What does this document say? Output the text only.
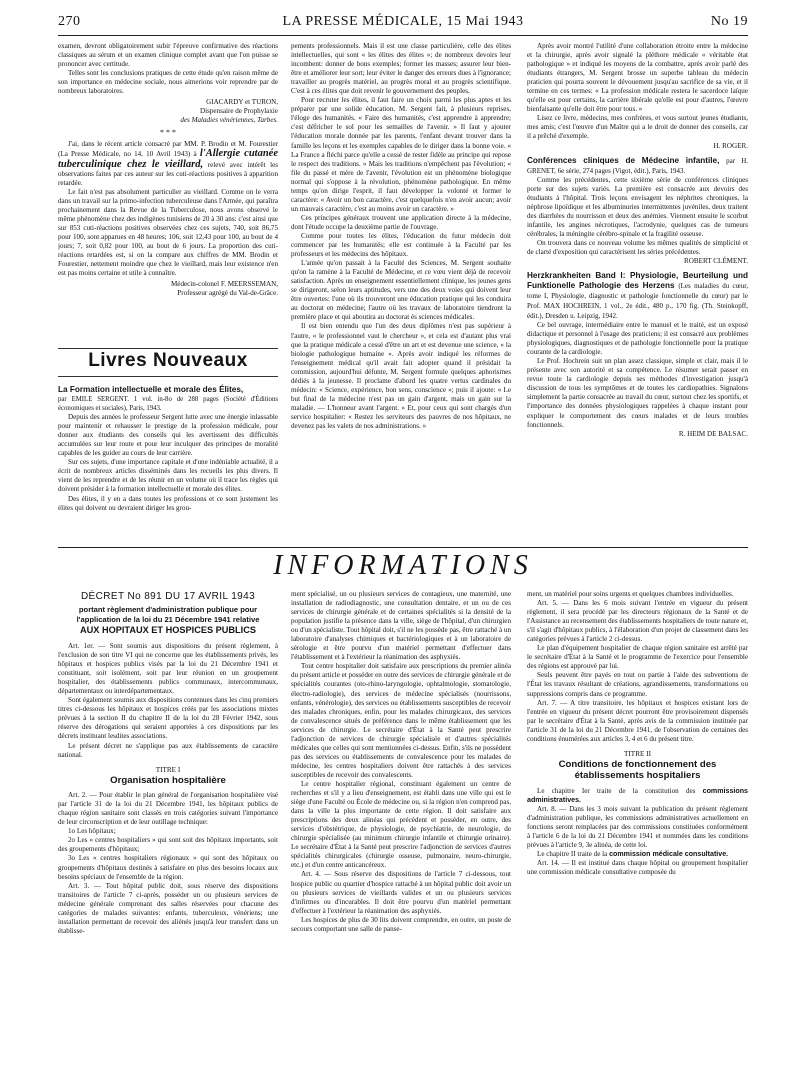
270	LA PRESSE MÉDICALE, 15 Mai 1943	No 19

examen, devront obligatoirement subir l'épreuve confirmative des réactions classiques au sérum et un examen clinique complet avant que l'on puisse se prononcer avec certitude.

Telles sont les conclusions pratiques de cette étude qu'en raison même de son importance en médecine sociale, nous aimerions voir reprendre par de nombreux laboratoires.

GIACARDY et TURON,
Dispensaire de Prophylaxie
des Maladies vénériennes, Tarbes.

* * *

J'ai, dans le récent article consacré par MM. P. Brodin et M. Fourestier (La Presse Médicale, no 14, 10 Avril 1943) à l'Allergie cutanée tuberculinique chez le vieillard, relevé avec intérêt les observations faites par ces auteur sur les cuti-réactions positives à apparition retardée.

Le fait n'est pas absolument particulier au vieillard. Comme on le verra dans un travail sur la primo-infection tuberculeuse dans l'Armée, qui paraîtra prochainement dans la Revue de la Tuberculose, nous avons observé le même phénomène chez des indigènes tunisiens de 20 à 30 ans: c'est ainsi que sur 853 cuti-réactions positives observées chez ces sujets, 740, soit 86,75 pour 100, sont apparues en 48 heures; 106, soit 12,43 pour 100, au bout de 4 jours; 7, soit 0,82 pour 100, au bout de 6 jours. La proportion des cuti-réactions retardées est, si on la compare aux chiffres de MM. Brodin et Fourestier, nettement moindre que chez le vieillard, mais leur existence n'en est pas moins certaine et utile à connaître.

Médecin-colonel F. MEERSSEMAN,
Professeur agrégé du Val-de-Grâce.

Livres Nouveaux

La Formation intellectuelle et morale des Élites,

par EMILE SERGENT. 1 vol. in-8o de 288 pages (Société d'Éditions économiques et sociales), Paris, 1943.

Depuis des années le professeur Sergent lutte avec une énergie inlassable pour maintenir et rehausser le prestige de la profession médicale, pour donner aux étudiants des conseils qui les avertissent des difficultés accumulées sur leur route et pour leur inculquer des principes de moralité capables de les guider au cours de leur carrière.

Sur ces sujets, d'une importance capitale et d'une indéniable actualité, il a écrit de nombreux articles disséminés dans les recueils les plus divers. Il vient de les reprendre et de les réunir en un volume où il trace les règles qui doivent présider à la formation intellectuelle et morale des élites.

Des élites, il y en a dans toutes les professions et ce sont justement les élites qui doivent ou devraient diriger les grou-

pements professionnels. Mais il est une classe particulière, celle des élites intellectuelles, qui sont « les élites des élites »; de nombreux devoirs leur incombent: donner de bons exemples; former les masses; assurer leur bien-être et améliorer leur sort; leur éviter le danger des erreurs dues à l'ignorance; travailler au progrès matériel, au progrès moral et au progrès scientifique. C'est à ces élites que doit revenir le gouvernement des peuples.

Pour recruter les élites, il faut faire un choix parmi les plus aptes et les préparer par une solide éducation. M. Sergent fait, à plusieurs reprises, l'éloge des humanités. « Faire des humanités, c'est apprendre à apprendre; c'est défricher le sol pour les semailles de l'avenir. » Il faut y ajouter l'éducation morale donnée par les parents, l'enfant devant trouver dans la famille les leçons et les exemples capables de le diriger dans la bonne voie. « La France a fléchi parce qu'elle a cessé de rester fidèle au principe qui repose le respect des traditions. » Mais les traditions n'empêchent pas l'évolution; « file du passé et mère de l'avenir, l'évolution est un phénomène biologique normal qui s'oppose à la révolution, phénomène pathologique. En même temps qu'on dirige l'esprit, il faut développer la volonté et former le caractère: « Avoir un bon caractère, c'est quelquefois n'en avoir aucun; avoir un mauvais caractère, c'est au moins avoir un caractère. »

Ces principes généraux trouvent une application directe à la médecine, dont l'étude occupe la deuxième partie de l'ouvrage.

Comme pour toutes les élites, l'éducation du futur médecin doit commencer par les humanités; elle est continuée à la Faculté par les professeurs et les médecins des hôpitaux.

L'année qu'on passait à la Faculté des Sciences, M. Sergent souhaite qu'on la ramène à la Faculté de Médecine, et ce vœu vient déjà de recevoir satisfaction. Après un enseignement essentiellement clinique, les jeunes gens se dirigeront, selon leurs aptitudes, vers une des deux voies qui doivent leur être ouvertes: l'une où ils trouveront une éducation pratique qui les conduira au doctorat en médecine; l'autre où les travaux de laboratoire tiendront la première place et qui aboutira au doctorat ès sciences médicales.

Il est bien entendu que l'un des deux diplômes n'est pas supérieur à l'autre, « le professionnel vaut le chercheur », et cela est d'autant plus vrai que la pratique médicale a cessé d'être un art et est devenue une science, « la biologie pathologique humaine ». Après avoir indiqué les réformes de l'enseignement médical qu'il avait fait adopter quand il présidait la commission, aujourd'hui défunte, M. Sergent formule quelques aphorismes dédiés à la jeunesse. Il proclame d'abord les quatre vertus cardinales du médecin: « Science, expérience, bon sens, conscience »; puis il ajoute: « Le but final de la médecine n'est pas un gain d'argent, mais un gain sur la maladie. — L'honneur avant l'argent. » Et, pour ceux qui sont chargés d'un service hospitalier: « Restez les serviteurs des pauvres de nos hôpitaux, ne devenez pas les valets de nos administrations. »

Après avoir montré l'utilité d'une collaboration étroite entre la médecine et la chirurgie, après avoir signalé la pléthore médicale « véritable état pathologique » et indiqué les moyens de la combattre, après avoir parlé des étudiants étrangers, M. Sergent brosse un superbe tableau du médecin praticien qui pourra souvent le dévouement jusqu'au sacrifice de sa vie, et il termine en ces termes: « La profession médicale restera le sacerdoce laïque qu'elle est pour certains, la carrière libérale qu'elle est pour d'autres, l'œuvre bienfaisante qu'elle doit être pour tous. »

Lisez ce livre, médecins, mes confrères, et vous surtout jeunes étudiants, mes amis; c'est l'œuvre d'un Maître qui a le droit de donner des conseils, car il a prêché d'exemple.

H. ROGER.

Conférences cliniques de Médecine infantile, par H. GRENET, 6e série, 274 pages (Vigot, édit.), Paris, 1943.

Comme les précédentes, cette sixième série de conférences cliniques porte sur des sujets variés. La première est consacrée aux devoirs des étudiants à l'hôpital. Trois leçons envisagent les néphrites chroniques, la néphrose lipoïdique et les albuminuries intermittentes juvéniles, deux traitent des diarrhées du nourrisson et deux des anémies. Viennent ensuite le scorbut infantile, les angines nécrotiques, l'acrodynie, quelques cas de tumeurs cérébrales, la méningite cérébro-spinale et la fragilité osseuse.

On trouvera dans ce nouveau volume les mêmes qualités de simplicité et de clarté d'exposition qui caractérisent les séries précédentes.

ROBERT CLÉMENT.

Herzkrankheiten Band I: Physiologie, Beurteilung und Funktionelle Pathologie des Herzens (Les maladies du cœur, tome I, Physiologie, diagnostic et pathologie fonctionnelle du cœur) par le Prof. MAX HOCHREIN, 1 vol., 2e édit., 480 p., 170 fig. (Th. Steinkopff, édit.), Dresden u. Leipzig, 1942.

Ce bel ouvrage, intermédiaire entre le manuel et le traité, est un exposé didactique et personnel à l'usage des praticiens; il est consacré aux problèmes physiologiques, diagnostiques et de pathologie fonctionnelle pour la pratique courante de la cardiologie.

Le Prof. Hochrein suit un plan assez classique, simple et clair, mais il le présente avec son autorité et sa compétence. Le résumer serait passer en revue toute la cardiologie depuis ses méthodes d'investigation jusqu'à discussion de tous les symptômes et de toutes les cardiopathies. Signalons simplement la partie consacrée au travail du cœur, surtout chez les sportifs, et l'importance des données physiologiques rappelées à chaque instant pour expliquer le comportement des cœurs malades et de leurs troubles fonctionnels.

R. HEIM DE BALSAC.

INFORMATIONS

DÉCRET No 891 DU 17 AVRIL 1943

portant règlement d'administration publique pour l'application de la loi du 21 Décembre 1941 relative

AUX HOPITAUX ET HOSPICES PUBLICS

Art. 1er. — Sont soumis aux dispositions du présent règlement, à l'exclusion de son titre VI qui ne concerne que les établissements privés, les hôpitaux et hospices publics visés par la loi du 21 Décembre 1941 et constituant, soit isolément, soit par leur réunion en un groupement hospitalier, des établissements publics communaux, intercommunaux, départementaux ou interdépartementaux.

Sont également soumis aux dispositions contenues dans les cinq premiers titres ci-dessous les hôpitaux et hospices créés par les associations mixtes prévues à la section II du chapitre II de la loi du 28 Février 1942, sous réserve des dérogations qui seraient apportées à ces dispositions par les décrets instituant lesdites associations.

Le présent décret ne s'applique pas aux établissements de caractère national.

TITRE I

Organisation hospitalière

Art. 2. — Pour établir le plan général de l'organisation hospitalière visé par l'article 31 de la loi du 21 Décembre 1941, les hôpitaux publics de chaque région sanitaire sont classés en trois catégories suivant l'importance de leur circonscription et de leur outillage technique:

1o Les hôpitaux;

2o Les « centres hospitaliers » qui sont soit des hôpitaux importants, soit des groupements d'hôpitaux;

3o Les « centres hospitaliers régionaux » qui sont des hôpitaux ou groupements d'hôpitaux destinés à satisfaire en plus des besoins locaux aux besoins spéciaux de l'ensemble de la région.

Art. 3. — Tout hôpital public doit, sous réserve des dispositions transitoires de l'article 7 ci-après, posséder un ou plusieurs services de médecine générale comprenant des salles réservées pour chacune des catégories de malades suivantes: enfants, tuberculeux, vénériens; une installation permettant de recevoir des aliénés jusqu'à leur transfert dans un établisse-

ment spécialisé, un ou plusieurs services de contagieux, une maternité, une installation de radiodiagnostic, une consultation dentaire, et un ou de ces services de chirurgie générale et de certaines spécialités si la densité de la population justifie la présence dans la ville, siège de l'hôpital, d'un chirurgien ou d'un spécialiste. Tout hôpital doit, s'il ne les possède pas, être rattaché à un laboratoire d'analyses chimiques et bactériologiques et à un laboratoire de sérologie et être pourvu d'un matériel permettant d'effectuer dans l'établissement et à l'extérieur la réanimation des asphyxiés.

Tout centre hospitalier doit satisfaire aux prescriptions du premier alinéa du présent article et posséder en outre des services de chirurgie générale et de spécialités courantes (oto-rhino-laryngologie, ophtalmologie, stomatologie, électro-radiologie), des services de médecine spécialisés (nourrissons, enfants, vénérologie), des services ou établissements susceptibles de recevoir des malades chroniques, enfin, pour les malades chirurgicaux, des services de convalescence situés de préférence dans le même établissement que les services de chirurgie. Le secrétaire d'État à la Santé peut prescrire l'adjonction de services de chirurgie spécialisée et d'autres spécialités médicales que celles qui sont mentionnées ci-dessus. Enfin, s'ils ne possèdent pas des services ou établissements de convalescence pour les malades de médecine, les centres hospitaliers doivent être rattachés à des services susceptibles de recevoir des convalescents.

Le centre hospitalier régional, constituant également un centre de recherches et s'il y a lieu d'enseignement, est établi dans une ville qui est le siège d'une Faculté ou École de médecine ou, si la région n'en comprend pas, dans la ville la plus importante de cette région. Il doit satisfaire aux prescriptions des deux alinéas qui précèdent et posséder, en outre, des services d'obstétrique, de physiologie, de psychiatrie, de neurologie, de chirurgie spécialisée (au minimum chirurgie infantile et chirurgie urinaire). Le secrétaire d'État à la Santé peut prescrire l'adjonction de services d'autres spécialités chirurgicales (chirurgie osseuse, pulmonaire, neuro-chirurgie, etc.) et d'un centre anticancéreux.

Art. 4. — Sous réserve des dispositions de l'article 7 ci-dessous, tout hospice public ou quartier d'hospice rattaché à un hôpital public doit avoir un ou plusieurs services de vieillards valides et un ou plusieurs services d'infirmes ou d'incurables. Il doit être pourvu d'un matériel permettant d'effectuer à l'extérieur la réanimation des asphyxiés.

Les hospices de plus de 30 lits doivent comprendre, en outre, un poste de secours comportant une salle de panse-

ment, un matériel pour soins urgents et quelques chambres individuelles.

Art. 5. — Dans les 6 mois suivant l'entrée en vigueur du présent règlement, il sera procédé par les directeurs régionaux de la Santé et de l'Assistance au recensement des établissements hospitaliers de toute nature et, s'il s'agit d'hôpitaux publics, à l'élaboration d'un projet de classement dans les catégories prévues à l'article 2 ci-dessus.

Le plan d'équipement hospitalier de chaque région sanitaire est arrêté par le secrétaire d'État à la Santé et le programme de l'exercice pour l'ensemble des régions est approuvé par lui.

Seuls peuvent être payés en tout ou partie à l'aide des subventions de l'État les travaux résultant de créations, agrandissements, transformations ou suppressions compris dans ce programme.

Art. 7. — A titre transitoire, les hôpitaux et hospices existant lors de l'entrée en vigueur du présent décret pourront être provisoirement dispensés par le secrétaire d'État à la Santé, après avis de la commission instituée par l'article 31 de la loi du 21 Décembre 1941, de l'observation de certaines des conditions énumérées aux articles 3, 4 et 6 du présent titre.

TITRE II

Conditions de fonctionnement des établissements hospitaliers

Le chapitre Ier traite de la constitution des commissions administratives.

Art. 8. — Dans les 3 mois suivant la publication du présent règlement d'administration publique, les commissions administratives actuellement en fonctions seront remplacées par des commissions constituées conformément à l'article 6 de la loi du 21 Décembre 1941 et nommées dans les conditions prévues à l'article 9, 3e alinéa, de cette loi.

Le chapitre II traite de la commission médicale consultative.

Art. 14. — Il est institué dans chaque hôpital ou groupement hospitalier une commission médicale consultative composée du
